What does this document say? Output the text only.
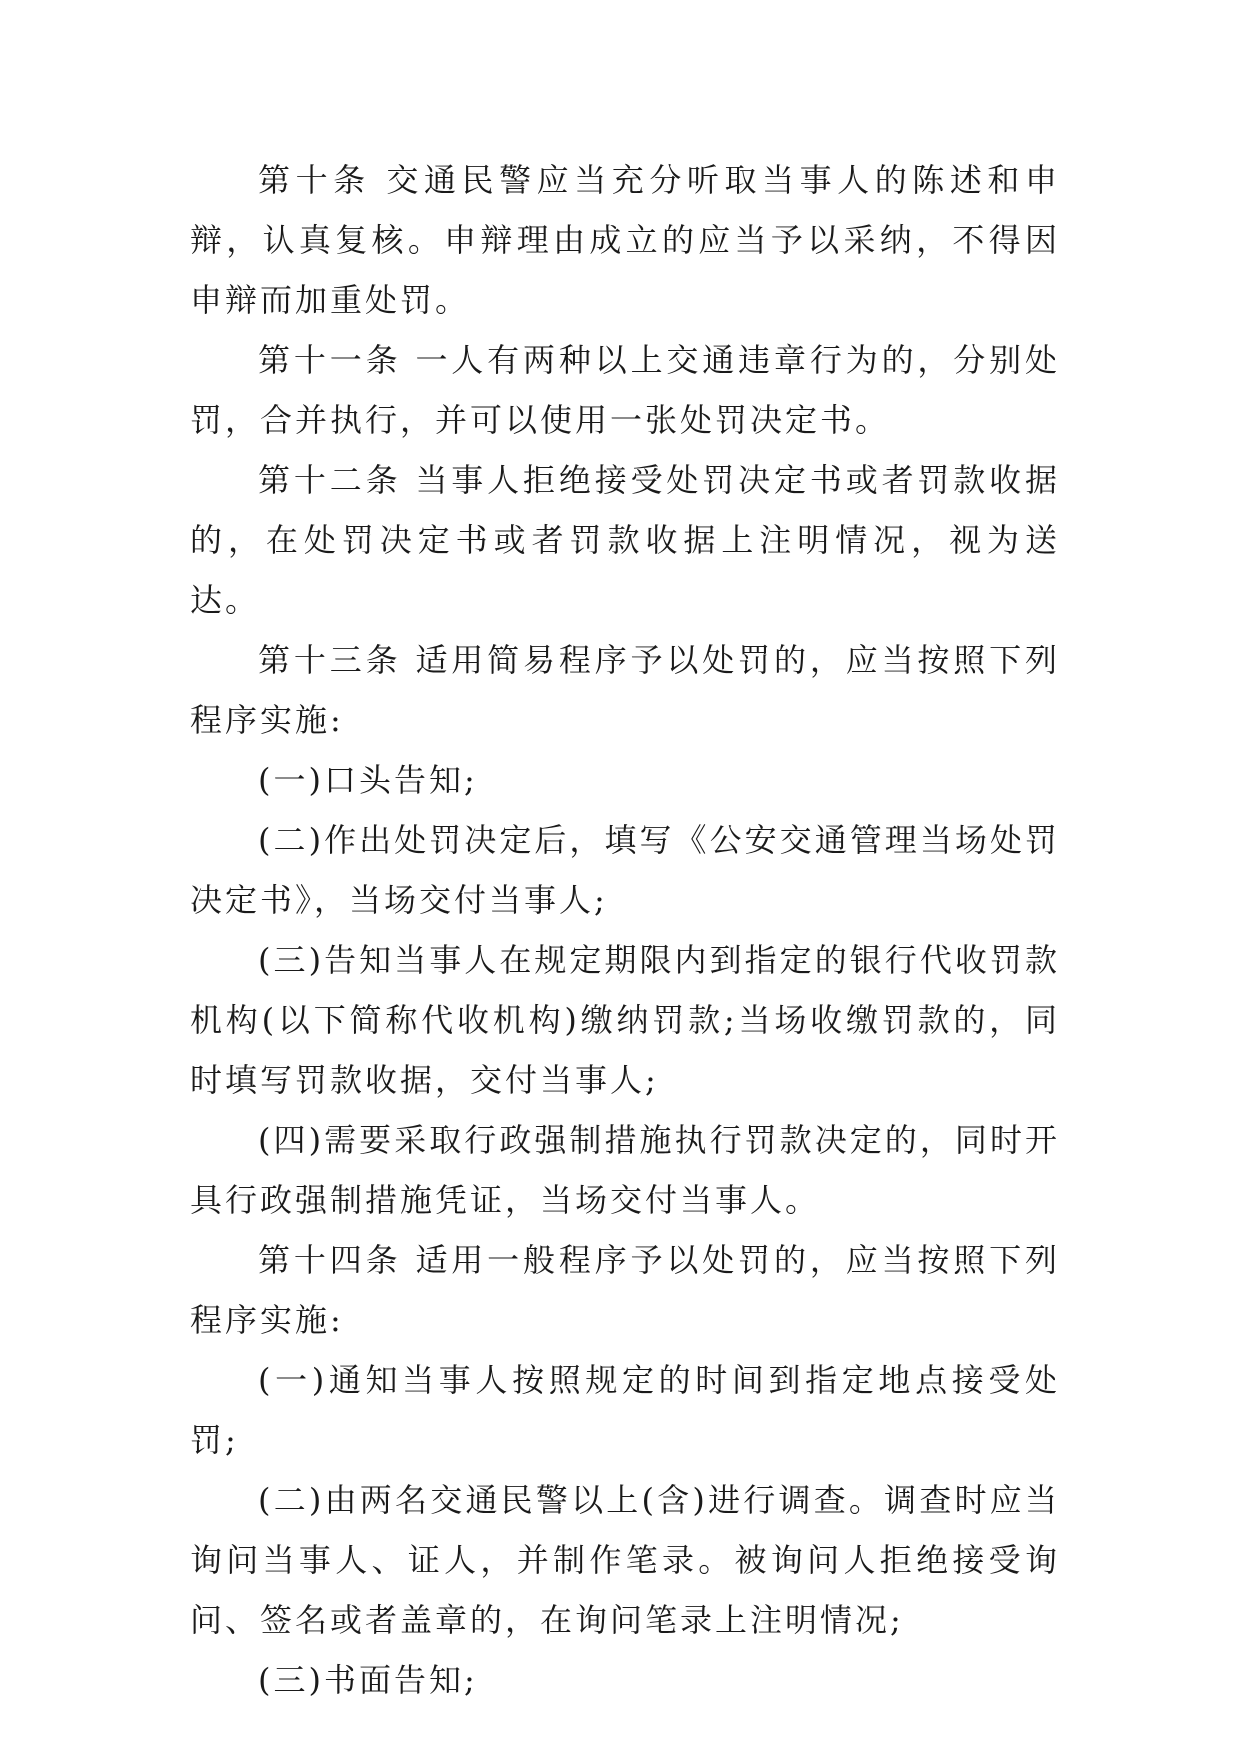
第十条 交通民警应当充分听取当事人的陈述和申辩，认真复核。申辩理由成立的应当予以采纳，不得因申辩而加重处罚。

第十一条 一人有两种以上交通违章行为的，分别处罚，合并执行，并可以使用一张处罚决定书。

第十二条 当事人拒绝接受处罚决定书或者罚款收据的，在处罚决定书或者罚款收据上注明情况，视为送达。

第十三条 适用简易程序予以处罚的，应当按照下列程序实施:

(一)口头告知;

(二)作出处罚决定后，填写《公安交通管理当场处罚决定书》，当场交付当事人;

(三)告知当事人在规定期限内到指定的银行代收罚款机构(以下简称代收机构)缴纳罚款;当场收缴罚款的，同时填写罚款收据，交付当事人;

(四)需要采取行政强制措施执行罚款决定的，同时开具行政强制措施凭证，当场交付当事人。

第十四条 适用一般程序予以处罚的，应当按照下列程序实施:

(一)通知当事人按照规定的时间到指定地点接受处罚;

(二)由两名交通民警以上(含)进行调查。调查时应当询问当事人、证人，并制作笔录。被询问人拒绝接受询问、签名或者盖章的，在询问笔录上注明情况;

(三)书面告知;
